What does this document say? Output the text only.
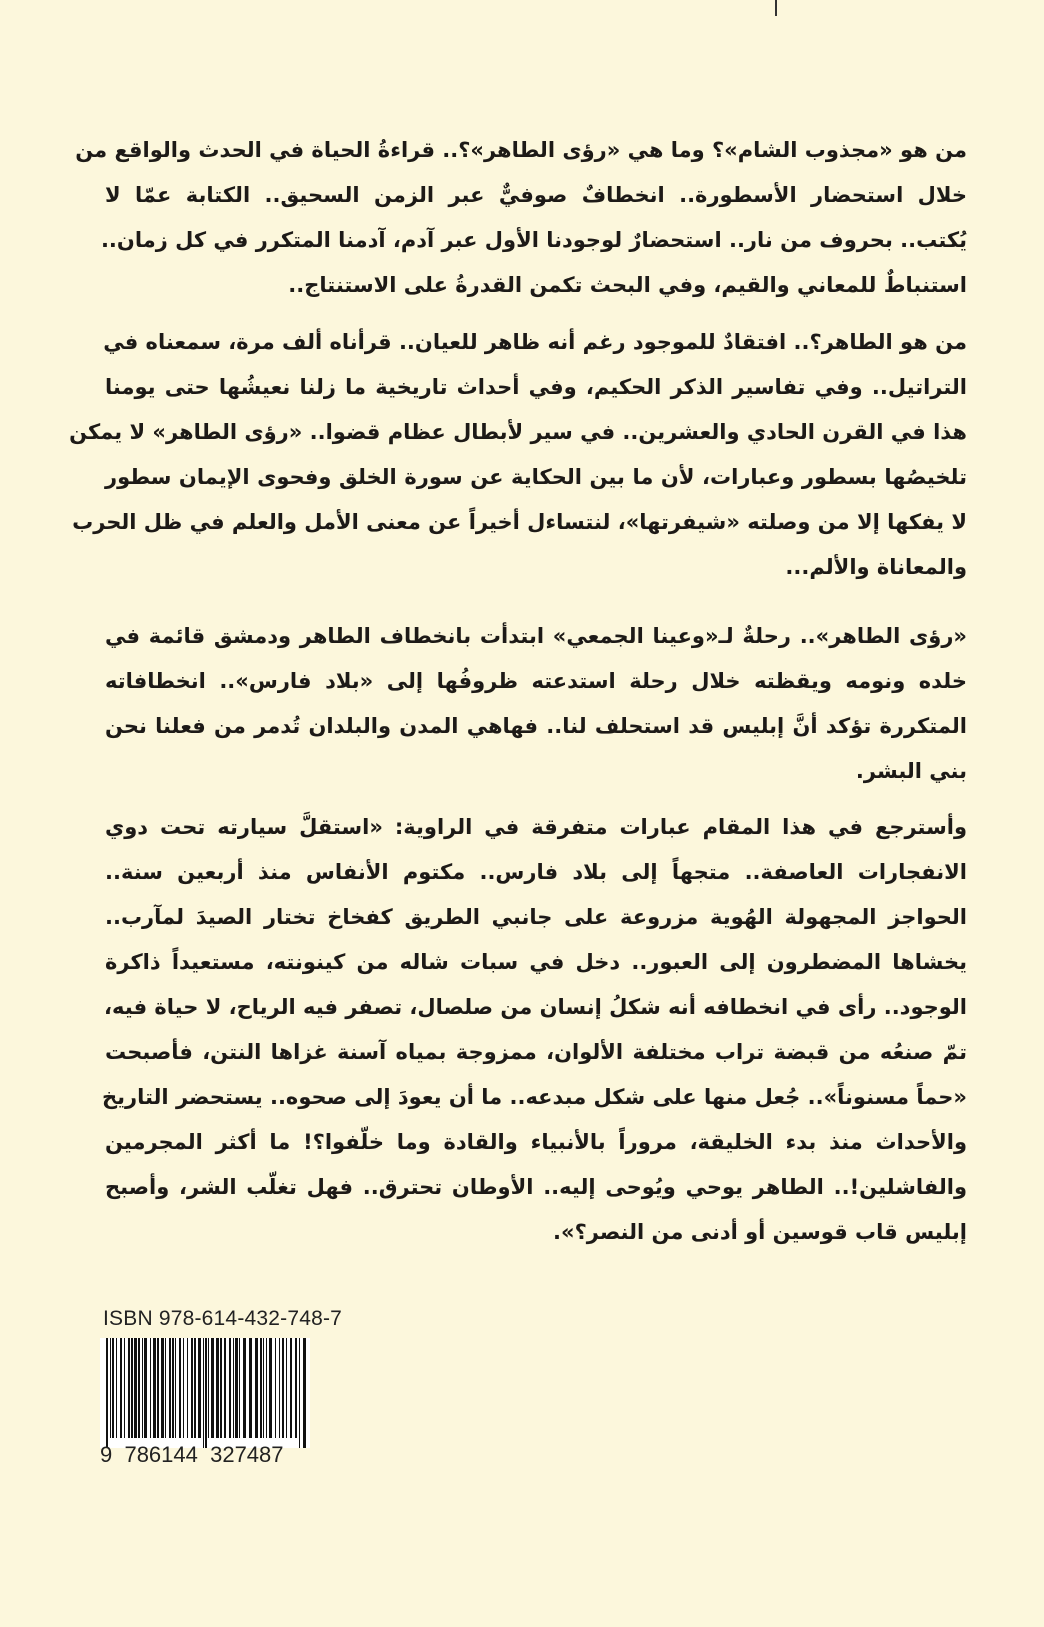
من هو «مجذوب الشام»؟ وما هي «رؤى الطاهر»؟.. قراءةُ الحياة في الحدث والواقع من
خلال استحضار الأسطورة.. انخطافٌ صوفيٌّ عبر الزمن السحيق.. الكتابة عمّا لا
يُكتب.. بحروف من نار.. استحضارٌ لوجودنا الأول عبر آدم، آدمنا المتكرر في كل زمان..
استنباطٌ للمعاني والقيم، وفي البحث تكمن القدرةُ على الاستنتاج..
من هو الطاهر؟.. افتقادٌ للموجود رغم أنه ظاهر للعيان.. قرأناه ألف مرة، سمعناه في
التراتيل.. وفي تفاسير الذكر الحكيم، وفي أحداث تاريخية ما زلنا نعيشُها حتى يومنا
هذا في القرن الحادي والعشرين.. في سير لأبطال عظام قضوا.. «رؤى الطاهر» لا يمكن
تلخيصُها بسطور وعبارات، لأن ما بين الحكاية عن سورة الخلق وفحوى الإيمان سطور
لا يفكها إلا من وصلته «شيفرتها»، لنتساءل أخيراً عن معنى الأمل والعلم في ظل الحرب
والمعاناة والألم...
«رؤى الطاهر».. رحلةٌ لـ«وعينا الجمعي» ابتدأت بانخطاف الطاهر ودمشق قائمة في
خلده ونومه ويقظته خلال رحلة استدعته ظروفُها إلى «بلاد فارس».. انخطافاته
المتكررة تؤكد أنَّ إبليس قد استحلف لنا.. فهاهي المدن والبلدان تُدمر من فعلنا نحن
بني البشر.
وأسترجع في هذا المقام عبارات متفرقة في الراوية: «استقلَّ سيارته تحت دوي
الانفجارات العاصفة.. متجهاً إلى بلاد فارس.. مكتوم الأنفاس منذ أربعين سنة..
الحواجز المجهولة الهُوية مزروعة على جانبي الطريق كفخاخ تختار الصيدَ لمآرب..
يخشاها المضطرون إلى العبور.. دخل في سبات شاله من كينونته، مستعيداً ذاكرة
الوجود.. رأى في انخطافه أنه شكلُ إنسان من صلصال، تصفر فيه الرياح، لا حياة فيه،
تمّ صنعُه من قبضة تراب مختلفة الألوان، ممزوجة بمياه آسنة غزاها النتن، فأصبحت
«حماً مسنوناً».. جُعل منها على شكل مبدعه.. ما أن يعودَ إلى صحوه.. يستحضر التاريخ
والأحداث منذ بدء الخليقة، مروراً بالأنبياء والقادة وما خلّفوا؟! ما أكثر المجرمين
والفاشلين!.. الطاهر يوحي ويُوحى إليه.. الأوطان تحترق.. فهل تغلّب الشر، وأصبح
إبليس قاب قوسين أو أدنى من النصر؟».
ISBN 978-614-432-748-7
9  786144  327487
